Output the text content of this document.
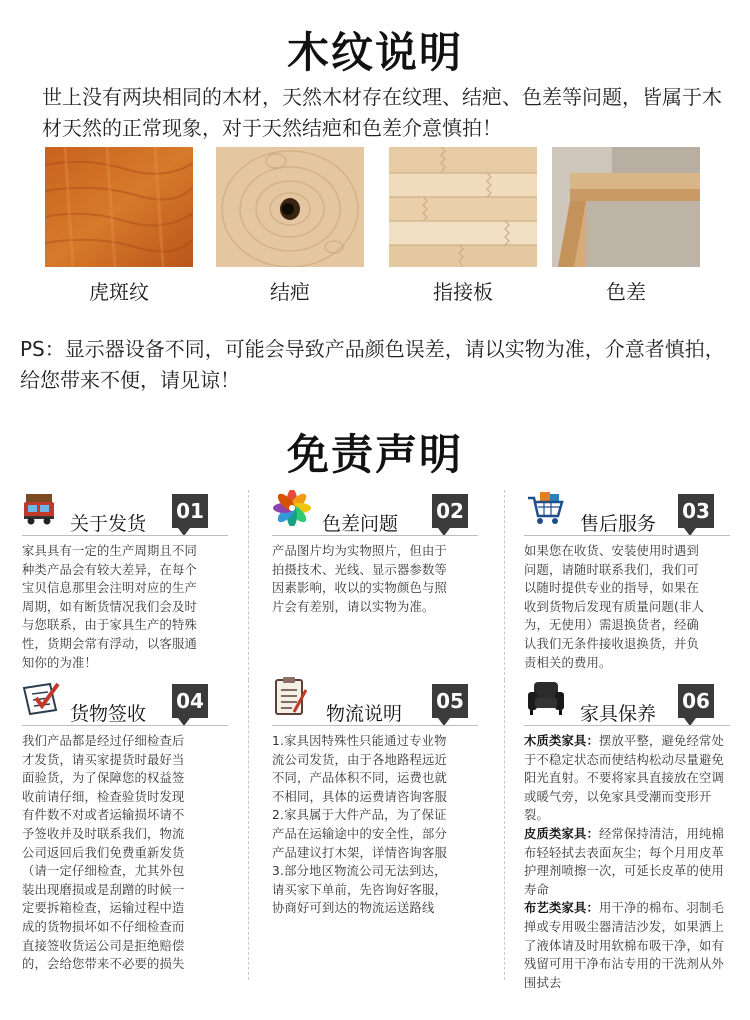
木纹说明
世上没有两块相同的木材，天然木材存在纹理、结疤、色差等问题，皆属于木材天然的正常现象，对于天然结疤和色差介意慎拍！
虎斑纹	结疤	指接板	色差
PS：显示器设备不同，可能会导致产品颜色误差，请以实物为准，介意者慎拍，给您带来不便，请见谅！
免责声明
关于发货
01
家具具有一定的生产周期且不同
种类产品会有较大差异，在每个
宝贝信息那里会注明对应的生产
周期，如有断货情况我们会及时
与您联系，由于家具生产的特殊
性，货期会常有浮动，以客服通
知你的为准！
色差问题
02
产品图片均为实物照片，但由于
拍摄技术、光线、显示器参数等
因素影响，收以的实物颜色与照
片会有差别，请以实物为准。
售后服务
03
如果您在收货、安装使用时遇到
问题，请随时联系我们，我们可
以随时提供专业的指导，如果在
收到货物后发现有质量问题(非人
为，无使用）需退换货者，经确
认我们无条件接收退换货，并负
责相关的费用。
货物签收
04
我们产品都是经过仔细检查后
才发货，请买家提货时最好当
面验货，为了保障您的权益签
收前请仔细，检查验货时发现
有件数不对或者运输损坏请不
予签收并及时联系我们，物流
公司返回后我们免费重新发货
（请一定仔细检查，尤其外包
装出现磨损或是刮蹭的时候一
定要拆箱检查，运输过程中造
成的货物损坏如不仔细检查而
直接签收货运公司是拒绝赔偿
的，会给您带来不必要的损失
物流说明
05
1.家具因特殊性只能通过专业物
流公司发货，由于各地路程远近
不同，产品体积不同，运费也就
不相同，具体的运费请咨询客服
2.家具属于大件产品，为了保证
产品在运输途中的安全性，部分
产品建议打木架，详情咨询客服
3.部分地区物流公司无法到达，
请买家下单前，先咨询好客服，
协商好可到达的物流运送路线
家具保养
06

木质类家具：摆放平整，避免经常处于不稳定状态而使结构松动尽量避免阳光直射。不要将家具直接放在空调或暖气旁，以免家具受潮而变形开裂。

皮质类家具：经常保持清洁，用纯棉布轻轻拭去表面灰尘；每个月用皮革护理剂喷擦一次，可延长皮革的使用寿命

布艺类家具：用干净的棉布、羽制毛掸或专用吸尘器清洁沙发，如果洒上了液体请及时用软棉布吸干净，如有残留可用干净布沾专用的干洗剂从外围拭去
